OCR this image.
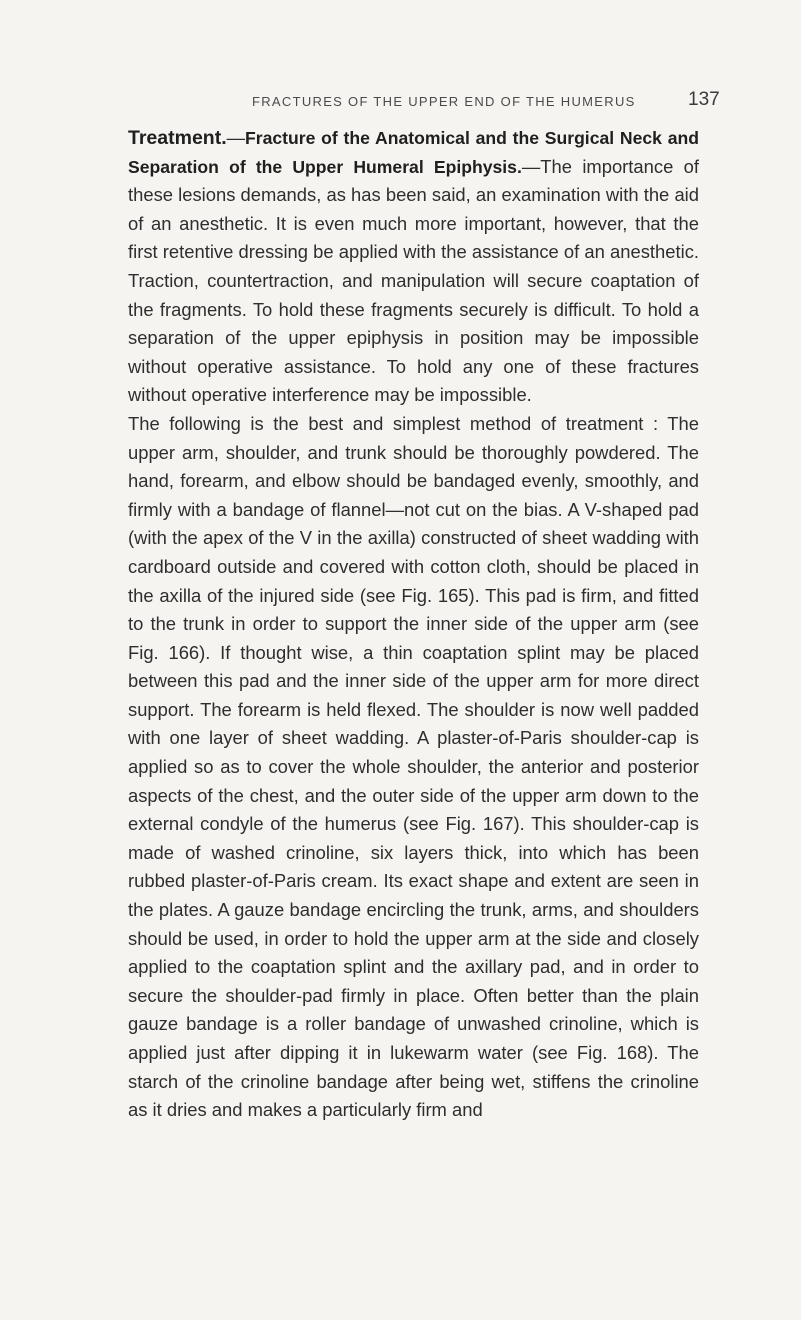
FRACTURES OF THE UPPER END OF THE HUMERUS	137

Treatment.—Fracture of the Anatomical and the Surgical Neck and Separation of the Upper Humeral Epiphysis.—The importance of these lesions demands, as has been said, an examination with the aid of an anesthetic. It is even much more important, however, that the first retentive dressing be applied with the assistance of an anesthetic. Traction, countertraction, and manipulation will secure coaptation of the fragments. To hold these fragments securely is difficult. To hold a separation of the upper epiphysis in position may be impossible without operative assistance. To hold any one of these fractures without operative interference may be impossible.

The following is the best and simplest method of treatment : The upper arm, shoulder, and trunk should be thoroughly powdered. The hand, forearm, and elbow should be bandaged evenly, smoothly, and firmly with a bandage of flannel—not cut on the bias. A V-shaped pad (with the apex of the V in the axilla) constructed of sheet wadding with cardboard outside and covered with cotton cloth, should be placed in the axilla of the injured side (see Fig. 165). This pad is firm, and fitted to the trunk in order to support the inner side of the upper arm (see Fig. 166). If thought wise, a thin coaptation splint may be placed between this pad and the inner side of the upper arm for more direct support. The forearm is held flexed. The shoulder is now well padded with one layer of sheet wadding. A plaster-of-Paris shoulder-cap is applied so as to cover the whole shoulder, the anterior and posterior aspects of the chest, and the outer side of the upper arm down to the external condyle of the humerus (see Fig. 167). This shoulder-cap is made of washed crinoline, six layers thick, into which has been rubbed plaster-of-Paris cream. Its exact shape and extent are seen in the plates. A gauze bandage encircling the trunk, arms, and shoulders should be used, in order to hold the upper arm at the side and closely applied to the coaptation splint and the axillary pad, and in order to secure the shoulder-pad firmly in place. Often better than the plain gauze bandage is a roller bandage of unwashed crinoline, which is applied just after dipping it in lukewarm water (see Fig. 168). The starch of the crinoline bandage after being wet, stiffens the crinoline as it dries and makes a particularly firm and
